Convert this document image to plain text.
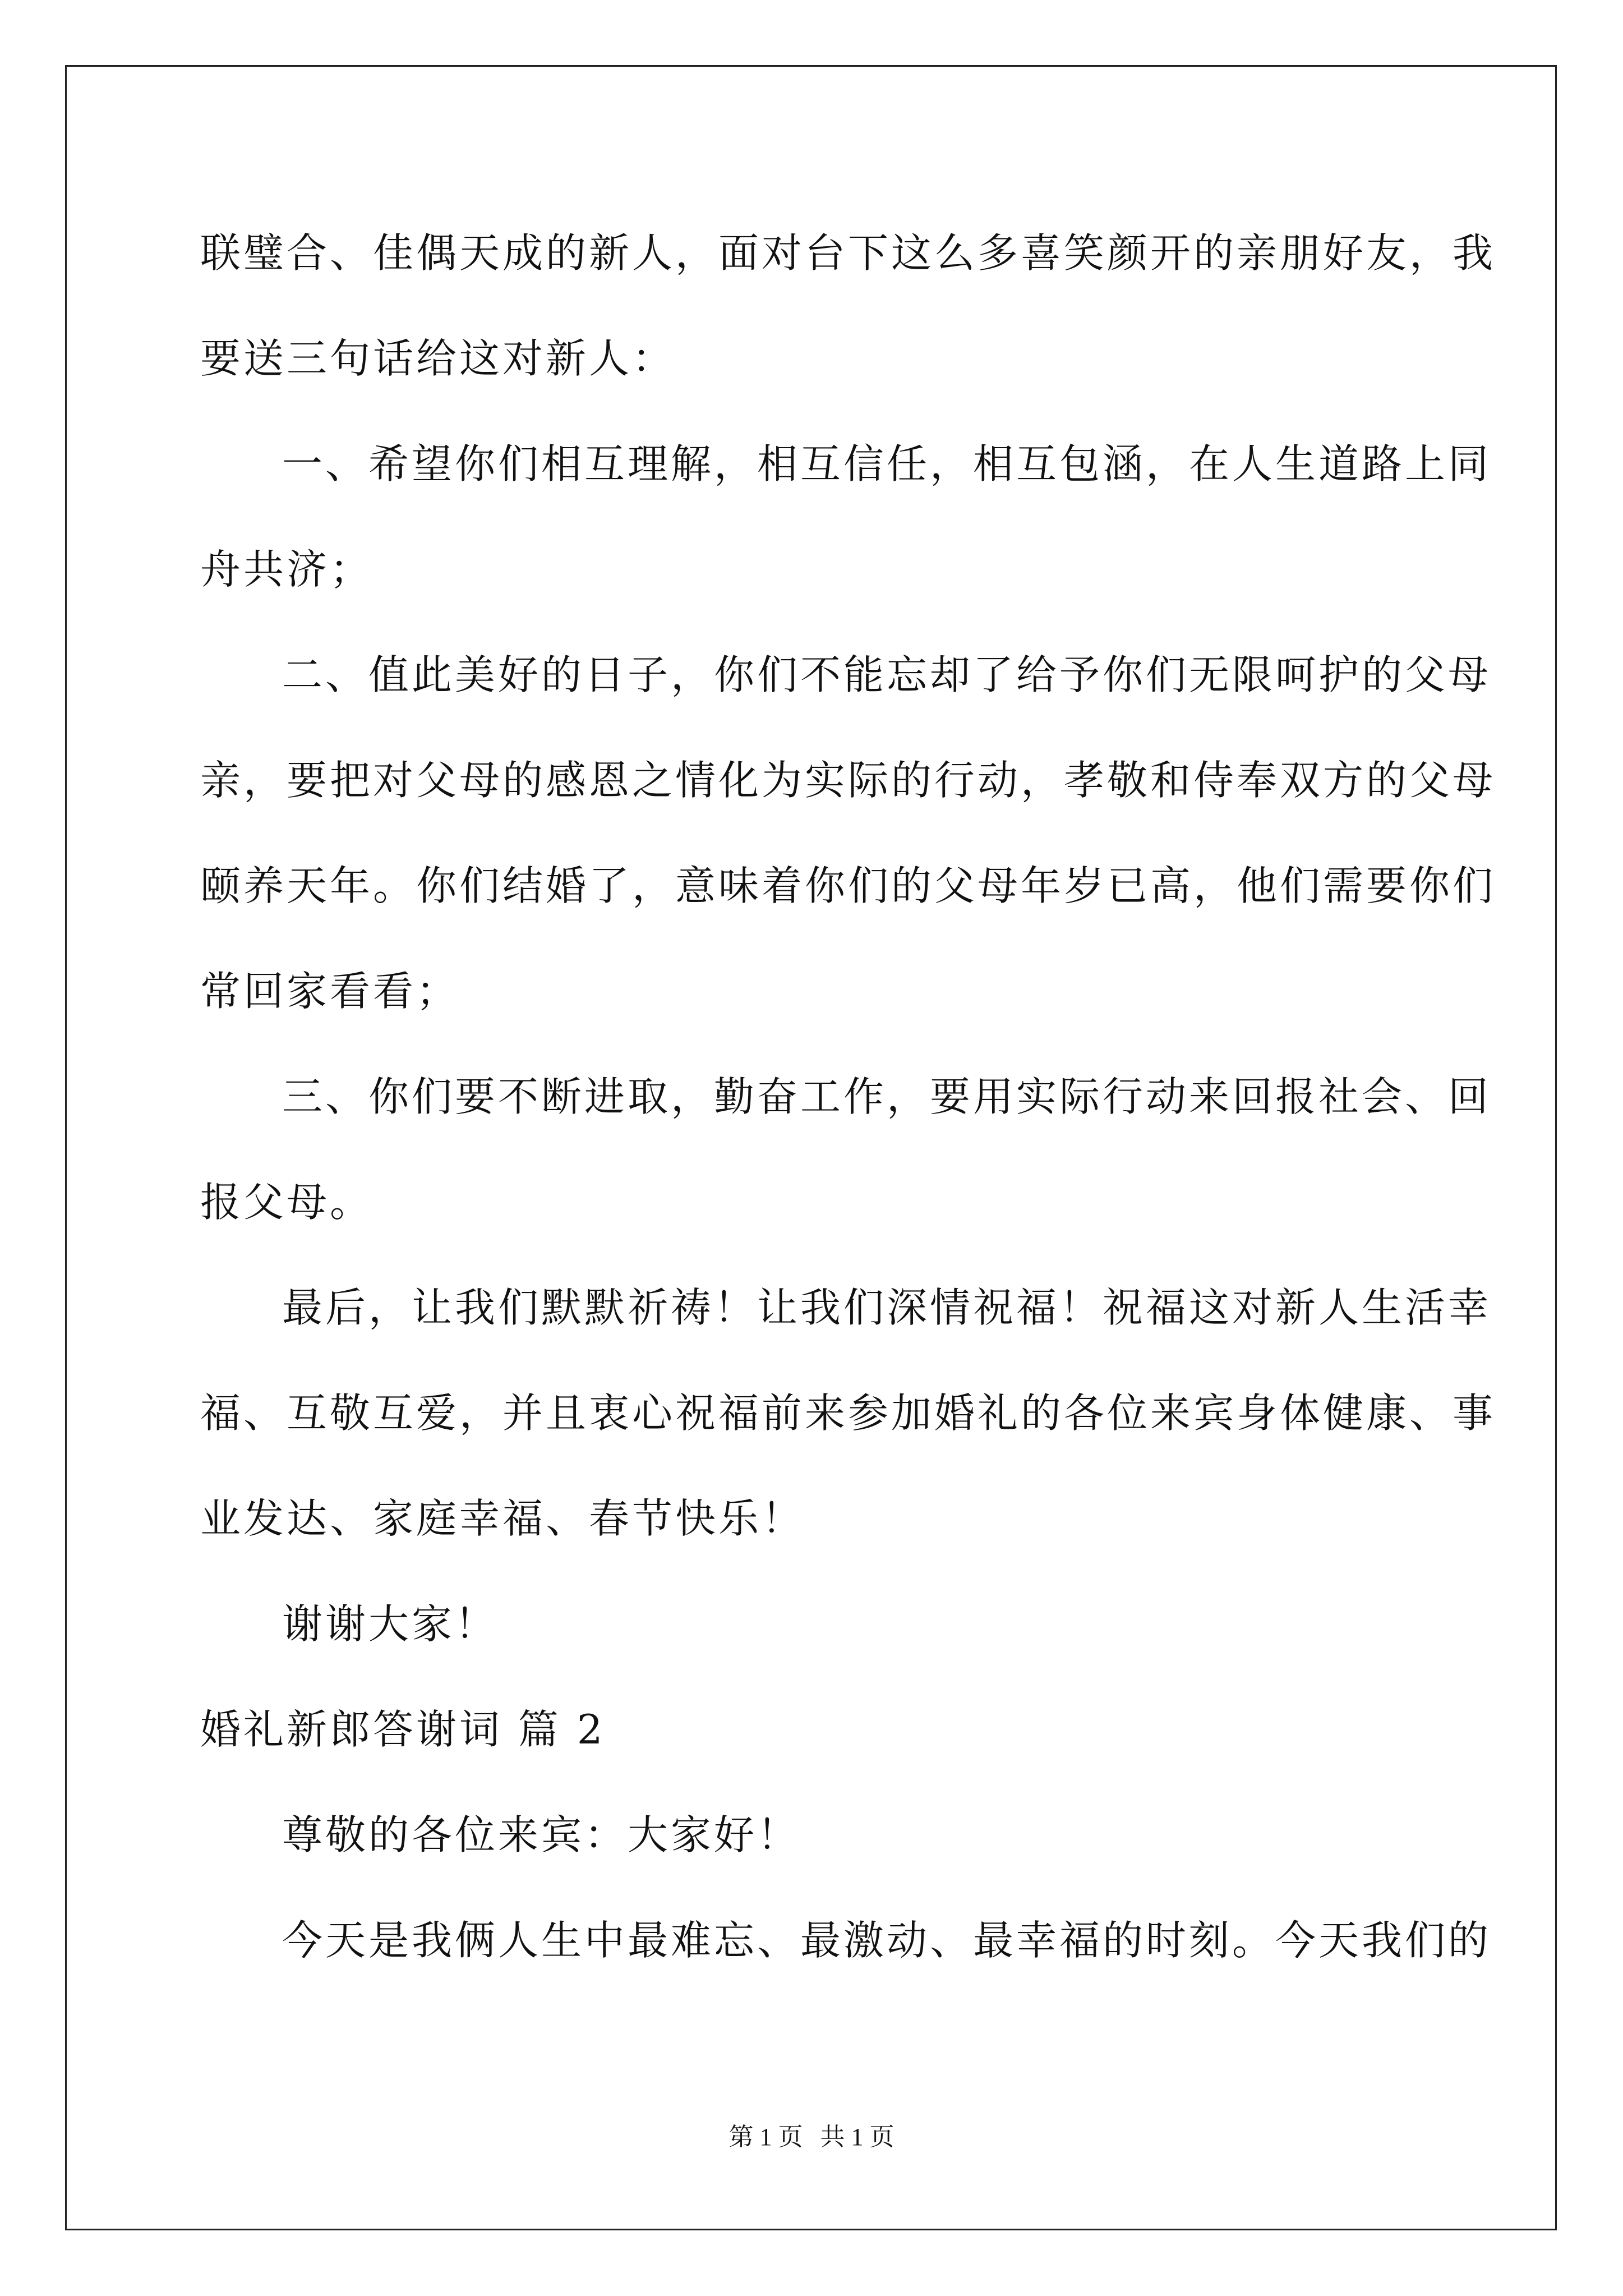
联璧合、佳偶天成的新人，面对台下这么多喜笑颜开的亲朋好友，我
要送三句话给这对新人：
一、希望你们相互理解，相互信任，相互包涵，在人生道路上同
舟共济；
二、值此美好的日子，你们不能忘却了给予你们无限呵护的父母
亲，要把对父母的感恩之情化为实际的行动，孝敬和侍奉双方的父母
颐养天年。你们结婚了，意味着你们的父母年岁已高，他们需要你们
常回家看看；
三、你们要不断进取，勤奋工作，要用实际行动来回报社会、回
报父母。
最后，让我们默默祈祷！让我们深情祝福！祝福这对新人生活幸
福、互敬互爱，并且衷心祝福前来参加婚礼的各位来宾身体健康、事
业发达、家庭幸福、春节快乐！
谢谢大家！
婚礼新郎答谢词 篇 2
尊敬的各位来宾：大家好！
今天是我俩人生中最难忘、最激动、最幸福的时刻。今天我们的
第 1 页 共 1 页
